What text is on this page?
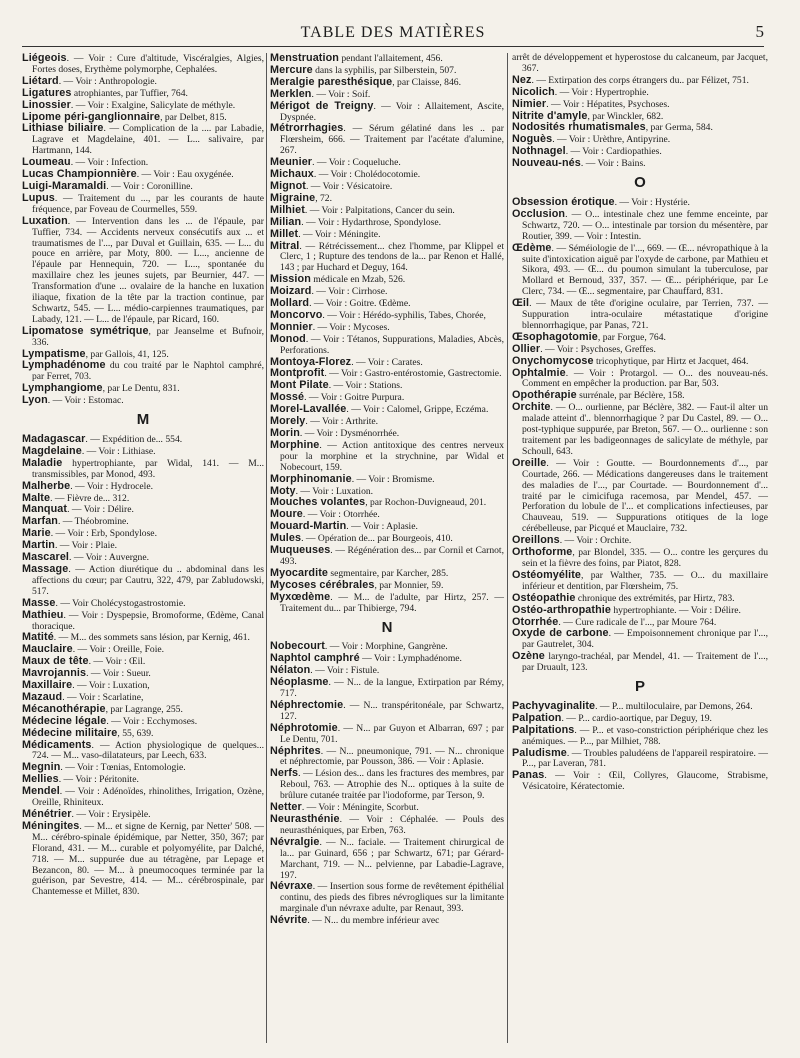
TABLE DES MATIÈRES	5

Liégeois. — Voir : Cure d'altitude, Viscéralgies, Algies, Fortes doses, Erythème polymorphe, Cephalées.

Liétard. — Voir : Anthropologie.

Ligatures atrophiantes, par Tuffier, 764.

Linossier. — Voir : Exalgine, Salicylate de méthyle.

Lipome péri-ganglionnaire, par Delbet, 815.

Lithiase biliaire. — Complication de la .... par Labadie, Lagrave et Magdelaine, 401. — L... salivaire, par Hartmann, 144.

Loumeau. — Voir : Infection.

Lucas Championnière. — Voir : Eau oxygénée.

Luigi-Maramaldi. — Voir : Coronilline.

Lupus. — Traitement du ..., par les courants de haute fréquence, par Foveau de Courmelles, 559.

Luxation. — Intervention dans les ... de l'épaule, par Tuffier, 734. — Accidents nerveux consécutifs aux ... et traumatismes de l'..., par Duval et Guillain, 635. — L... du pouce en arrière, par Moty, 800. — L..., ancienne de l'épaule par Hennequin, 720. — L..., spontanée du maxillaire chez les jeunes sujets, par Beurnier, 447. — Transformation d'une ... ovalaire de la hanche en luxation iliaque, fixation de la tête par la traction continue, par Schwartz, 545. — L... médio-carpiennes traumatiques, par Labady, 121. — L... de l'épaule, par Ricard, 160.

Lipomatose symétrique, par Jeanselme et Bufnoir, 336.

Lympatisme, par Gallois, 41, 125.

Lymphadénome du cou traité par le Naphtol camphré, par Ferret, 703.

Lymphangiome, par Le Dentu, 831.

Lyon. — Voir : Estomac.

M

Madagascar. — Expédition de... 554.

Magdelaine. — Voir : Lithiase.

Maladie hypertrophiante, par Widal, 141. — M... transmissibles, par Monod, 493.

Malherbe. — Voir : Hydrocele.

Malte. — Fièvre de... 312.

Manquat. — Voir : Délire.

Marfan. — Théobromine.

Marie. — Voir : Erb, Spondylose.

Martin. — Voir : Plaie.

Mascarel. — Voir : Auvergne.

Massage. — Action diurétique du .. abdominal dans les affections du cœur; par Cautru, 322, 479, par Zabludowski, 517.

Masse. — Voir Cholécystogastrostomie.

Mathieu. — Voir : Dyspepsie, Bromoforme, Œdème, Canal thoracique.

Matité. — M... des sommets sans lésion, par Kernig, 461.

Mauclaire. — Voir : Oreille, Foie.

Maux de tête. — Voir : Œil.

Mavrojannis. — Voir : Sueur.

Maxillaire. — Voir : Luxation,

Mazaud. — Voir : Scarlatine,

Mécanothérapie, par Lagrange, 255.

Médecine légale. — Voir : Ecchymoses.

Médecine militaire, 55, 639.

Médicaments. — Action physiologique de quelques... 724. — M... vaso-dilatateurs, par Leech, 633.

Megnin. — Voir : Tœnias, Entomologie.

Mellies. — Voir : Péritonite.

Mendel. — Voir : Adénoïdes, rhinolithes, Irrigation, Ozène, Oreille, Rhiniteux.

Ménétrier. — Voir : Erysipèle.

Méningites. — M... et signe de Kernig, par Netter' 508. — M... cérébro-spinale épidémique, par Netter, 350, 367; par Florand, 431. — M... curable et polyomyélite, par Dalché, 718. — M... suppurée due au tétragène, par Lepage et Bezancon, 80. — M... à pneumocoques terminée par la guérison, par Sevestre, 414. — M... cérébrospinale, par Chantemesse et Millet, 830.

Menstruation pendant l'allaitement, 456.

Mercure dans la syphilis, par Silberstein, 507.

Meralgie paresthésique, par Claisse, 846.

Merklen. — Voir : Soif.

Mérigot de Treigny. — Voir : Allaitement, Ascite, Dyspnée.

Métrorrhagies. — Sérum gélatiné dans les .. par Flœrsheim, 666. — Traitement par l'acétate d'alumine, 267.

Meunier. — Voir : Coqueluche.

Michaux. — Voir : Cholédocotomie.

Mignot. — Voir : Vésicatoire.

Migraine, 72.

Milhiet. — Voir : Palpitations, Cancer du sein.

Milian. — Voir : Hydarthrose, Spondylose.

Millet. — Voir : Méningite.

Mitral. — Rétrécissement... chez l'homme, par Klippel et Clerc, 1 ; Rupture des tendons de la... par Renon et Hallé, 143 ; par Huchard et Deguy, 164.

Mission médicale en Mzab, 526.

Moizard. — Voir : Cirrhose.

Mollard. — Voir : Goitre. Œdème.

Moncorvo. — Voir : Hérédo-syphilis, Tabes, Chorée,

Monnier. — Voir : Mycoses.

Monod. — Voir : Tétanos, Suppurations, Maladies, Abcès, Perforations.

Montoya-Florez. — Voir : Carates.

Montprofit. — Voir : Gastro-entérostomie, Gastrectomie.

Mont Pilate. — Voir : Stations.

Mossé. — Voir : Goitre Purpura.

Morel-Lavallée. — Voir : Calomel, Grippe, Eczéma.

Morely. — Voir : Arthrite.

Morin. — Voir : Dysménorrhée.

Morphine. — Action antitoxique des centres nerveux pour la morphine et la strychnine, par Widal et Nobecourt, 159.

Morphinomanie. — Voir : Bromisme.

Moty. — Voir : Luxation.

Mouches volantes, par Rochon-Duvigneaud, 201.

Moure. — Voir : Otorrhée.

Mouard-Martin. — Voir : Aplasie.

Mules. — Opération de... par Bourgeois, 410.

Muqueuses. — Régénération des... par Cornil et Carnot, 493.

Myocardite segmentaire, par Karcher, 285.

Mycoses cérébrales, par Monnier, 59.

Myxœdème. — M... de l'adulte, par Hirtz, 257. — Traitement du... par Thibierge, 794.

N

Nobecourt. — Voir : Morphine, Gangrène.

Naphtol camphré — Voir : Lymphadénome.

Nélaton. — Voir : Fistule.

Néoplasme. — N... de la langue, Extirpation par Rémy, 717.

Néphrectomie. — N... transpéritonéale, par Schwartz, 127.

Néphrotomie. — N... par Guyon et Albarran, 697 ; par Le Dentu, 701.

Néphrites. — N... pneumonique, 791. — N... chronique et néphrectomie, par Pousson, 386. — Voir : Aplasie.

Nerfs. — Lésion des... dans les fractures des membres, par Reboul, 763. — Atrophie des N... optiques à la suite de brûlure cutanée traitée par l'iodoforme, par Terson, 9.

Netter. — Voir : Méningite, Scorbut.

Neurasthénie. — Voir : Céphalée. — Pouls des neurasthéniques, par Erben, 763.

Névralgie. — N... faciale. — Traitement chirurgical de la... par Guinard, 656 ; par Schwartz, 671; par Gérard-Marchant, 719. — N... pelvienne, par Labadie-Lagrave, 197.

Névraxe. — Insertion sous forme de revêtement épithélial continu, des pieds des fibres névrogliques sur la limitante marginale d'un névraxe adulte, par Renaut, 393.

Névrite. — N... du membre inférieur avec

arrêt de développement et hyperostose du calcaneum, par Jacquet, 367.

Nez. — Extirpation des corps étrangers du.. par Félizet, 751.

Nicolich. — Voir : Hypertrophie.

Nimier. — Voir : Hépatites, Psychoses.

Nitrite d'amyle, par Winckler, 682.

Nodosités rhumatismales, par Germa, 584.

Noguès. — Voir : Urèthre, Antipyrine.

Nothnagel. — Voir : Cardiopathies.

Nouveau-nés. — Voir : Bains.

O

Obsession érotique. — Voir : Hystérie.

Occlusion. — O... intestinale chez une femme enceinte, par Schwartz, 720. — O... intestinale par torsion du mésentère, par Routier, 399. — Voir : Intestin.

Œdème. — Séméiologie de l'..., 669. — Œ... névropathique à la suite d'intoxication aiguë par l'oxyde de carbone, par Mathieu et Sikora, 493. — Œ... du poumon simulant la tuberculose, par Mollard et Bernoud, 337, 357. — Œ... périphérique, par Le Clerc, 734. — Œ... segmentaire, par Chauffard, 831.

Œil. — Maux de tête d'origine oculaire, par Terrien, 737. — Suppuration intra-oculaire métastatique d'origine blennorrhagique, par Panas, 721.

Œsophagotomie, par Forgue, 764.

Ollier. — Voir : Psychoses, Greffes.

Onychomycose tricophytique, par Hirtz et Jacquet, 464.

Ophtalmie. — Voir : Protargol. — O... des nouveau-nés. Comment en empêcher la production. par Bar, 503.

Opothérapie surrénale, par Béclère, 158.

Orchite. — O... ourlienne, par Béclère, 382. — Faut-il alter un malade atteint d'.. blennorrhagique ? par Du Castel, 89. — O... post-typhique suppurée, par Breton, 567. — O... ourlienne : son traitement par les badigeonnages de salicylate de méthyle, par Schoull, 643.

Oreille. — Voir : Goutte. — Bourdonnements d'..., par Courtade, 266. — Médications dangereuses dans le traitement des maladies de l'..., par Courtade. — Bourdonnement d'... traité par le cimicifuga racemosa, par Mendel, 457. — Perforation du lobule de l'... et complications infectieuses, par Chauveau, 519. — Suppurations otitiques de la loge cérébelleuse, par Picqué et Mauclaire, 732.

Oreillons. — Voir : Orchite.

Orthoforme, par Blondel, 335. — O... contre les gerçures du sein et la fièvre des foins, par Piatot, 828.

Ostéomyélite, par Walther, 735. — O... du maxillaire inférieur et dentition, par Flœrsheim, 75.

Ostéopathie chronique des extrémités, par Hirtz, 783.

Ostéo-arthropathie hypertrophiante. — Voir : Délire.

Otorrhée. — Cure radicale de l'..., par Moure 764.

Oxyde de carbone. — Empoisonnement chronique par l'..., par Gautrelet, 304.

Ozène laryngo-trachéal, par Mendel, 41. — Traitement de l'..., par Druault, 123.

P

Pachyvaginalite. — P... multiloculaire, par Demons, 264.

Palpation. — P... cardio-aortique, par Deguy, 19.

Palpitations. — P... et vaso-constriction périphérique chez les anémiques. — P..., par Milhiet, 788.

Paludisme. — Troubles paludéens de l'appareil respiratoire. — P..., par Laveran, 781.

Panas. — Voir : Œil, Collyres, Glaucome, Strabisme, Vésicatoire, Kératectomie.
